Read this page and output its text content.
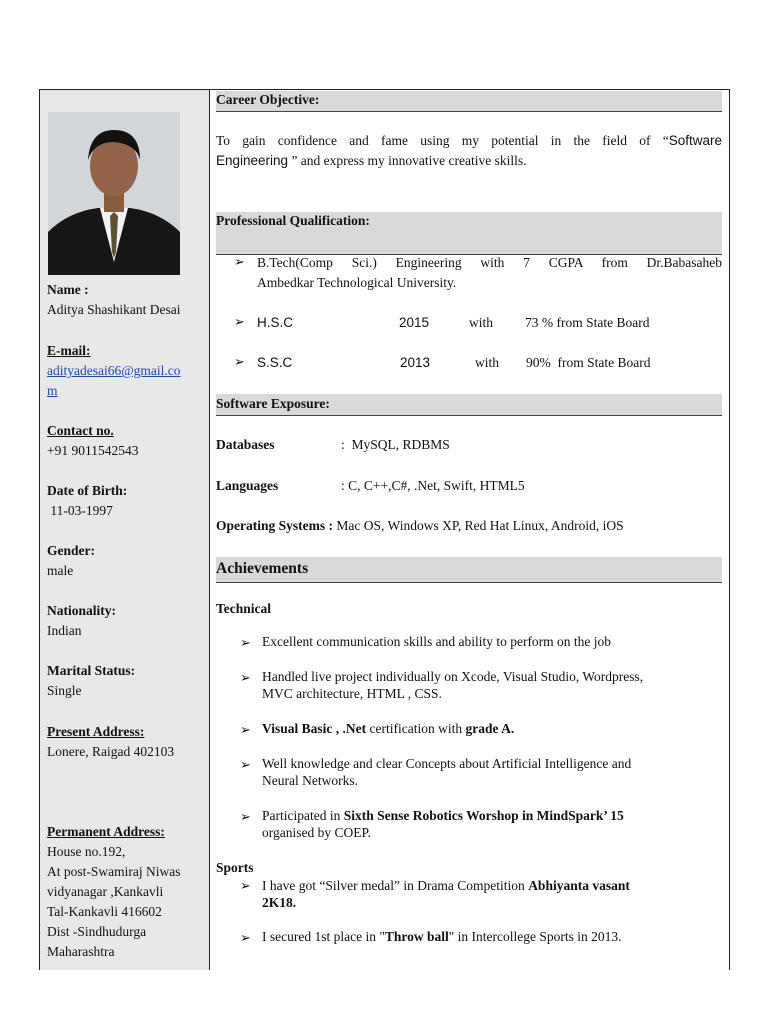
Name :
Aditya Shashikant Desai
E-mail:
adityadesai66@gmail.co
m
Contact no.
+91 9011542543
Date of Birth:
11-03-1997
Gender:
male
Nationality:
Indian
Marital Status:
Single
Present Address:
Lonere, Raigad 402103
Permanent Address:
House no.192,
At post-Swamiraj Niwas
vidyanagar ,Kankavli
Tal-Kankavli 416602
Dist -Sindhudurga
Maharashtra
Career Objective:
To gain confidence and fame using my potential in the field of “Software
Engineering ” and express my innovative creative skills.
Professional Qualification:
➢ B.Tech(Comp Sci.) Engineering with 7 CGPA from Dr.Babasaheb
Ambedkar Technological University.
➢ H.S.C	2015	with 73 % from State Board
➢ S.S.C	2013	with 90%  from State Board
Software Exposure:
Databases	:  MySQL, RDBMS
Languages	: C, C++,C#, .Net, Swift, HTML5
Operating Systems : Mac OS, Windows XP, Red Hat Linux, Android, iOS
Achievements
Technical
➢ Excellent communication skills and ability to perform on the job
➢ Handled live project individually on Xcode, Visual Studio, Wordpress,
MVC architecture, HTML , CSS.
➢ Visual Basic , .Net certification with grade A.
➢ Well knowledge and clear Concepts about Artificial Intelligence and
Neural Networks.
➢ Participated in Sixth Sense Robotics Worshop in MindSpark’ 15
organised by COEP.
Sports
➢ I have got “Silver medal” in Drama Competition Abhiyanta vasant
2K18.
➢ I secured 1st place in "Throw ball" in Intercollege Sports in 2013.
